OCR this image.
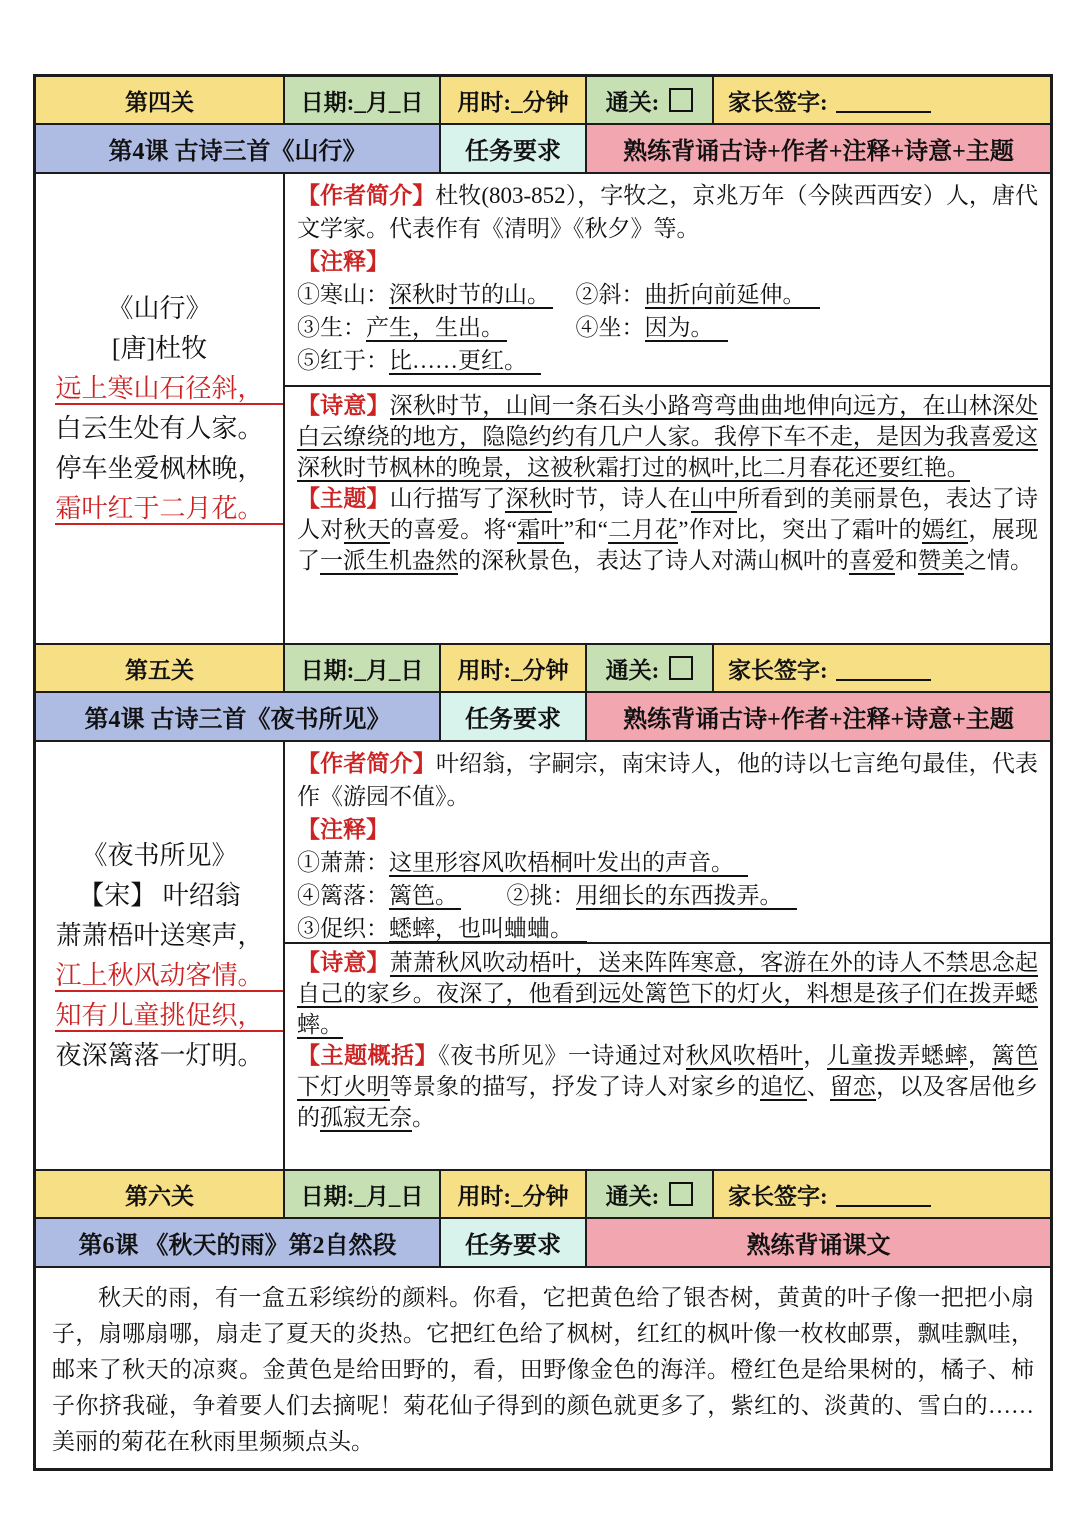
第四关	日期:_月_日	用时:_分钟	通关:	家长签字:
第4课 古诗三首《山行》	任务要求	熟练背诵古诗+作者+注释+诗意+主题
《山行》
[唐]杜牧
远上寒山石径斜，
白云生处有人家。
停车坐爱枫林晚，
霜叶红于二月花。

【作者简介】杜牧(803-852），字牧之，京兆万年（今陕西西安）人，唐代文学家。代表作有《清明》《秋夕》等。

【注释】

①寒山：深秋时节的山。　 ②斜：曲折向前延伸。

③生：产生，生出。　　　	④坐：因为。

⑤红于：比……更红。

【诗意】深秋时节，山间一条石头小路弯弯曲曲地伸向远方，在山林深处白云缭绕的地方，隐隐约约有几户人家。我停下车不走，是因为我喜爱这深秋时节枫林的晚景，这被秋霜打过的枫叶,比二月春花还要红艳。

【主题】山行描写了深秋时节，诗人在山中所看到的美丽景色，表达了诗人对秋天的喜爱。将“霜叶”和“二月花”作对比，突出了霜叶的嫣红，展现了一派生机盎然的深秋景色，表达了诗人对满山枫叶的喜爱和赞美之情。

第五关	日期:_月_日	用时:_分钟	通关:	家长签字:
第4课 古诗三首《夜书所见》	任务要求	熟练背诵古诗+作者+注释+诗意+主题
《夜书所见》
【宋】 叶绍翁
萧萧梧叶送寒声，
江上秋风动客情。
知有儿童挑促织，
夜深篱落一灯明。

【作者简介】叶绍翁，字嗣宗，南宋诗人，他的诗以七言绝句最佳，代表作《游园不值》。

【注释】

①萧萧：这里形容风吹梧桐叶发出的声音。

④篱落：篱笆。　　	②挑：用细长的东西拨弄。

③促织：蟋蟀，也叫蛐蛐。

【诗意】萧萧秋风吹动梧叶，送来阵阵寒意，客游在外的诗人不禁思念起自己的家乡。夜深了，他看到远处篱笆下的灯火，料想是孩子们在拨弄蟋蟀。

【主题概括】《夜书所见》一诗通过对秋风吹梧叶，儿童拨弄蟋蟀，篱笆下灯火明等景象的描写，抒发了诗人对家乡的追忆、留恋，以及客居他乡的孤寂无奈。

第六关	日期:_月_日	用时:_分钟	通关:	家长签字:
第6课 《秋天的雨》第2自然段	任务要求	熟练背诵课文

秋天的雨，有一盒五彩缤纷的颜料。你看，它把黄色给了银杏树，黄黄的叶子像一把把小扇子，扇哪扇哪，扇走了夏天的炎热。它把红色给了枫树，红红的枫叶像一枚枚邮票，飘哇飘哇，邮来了秋天的凉爽。金黄色是给田野的，看，田野像金色的海洋。橙红色是给果树的，橘子、柿子你挤我碰，争着要人们去摘呢！菊花仙子得到的颜色就更多了，紫红的、淡黄的、雪白的……美丽的菊花在秋雨里频频点头。
